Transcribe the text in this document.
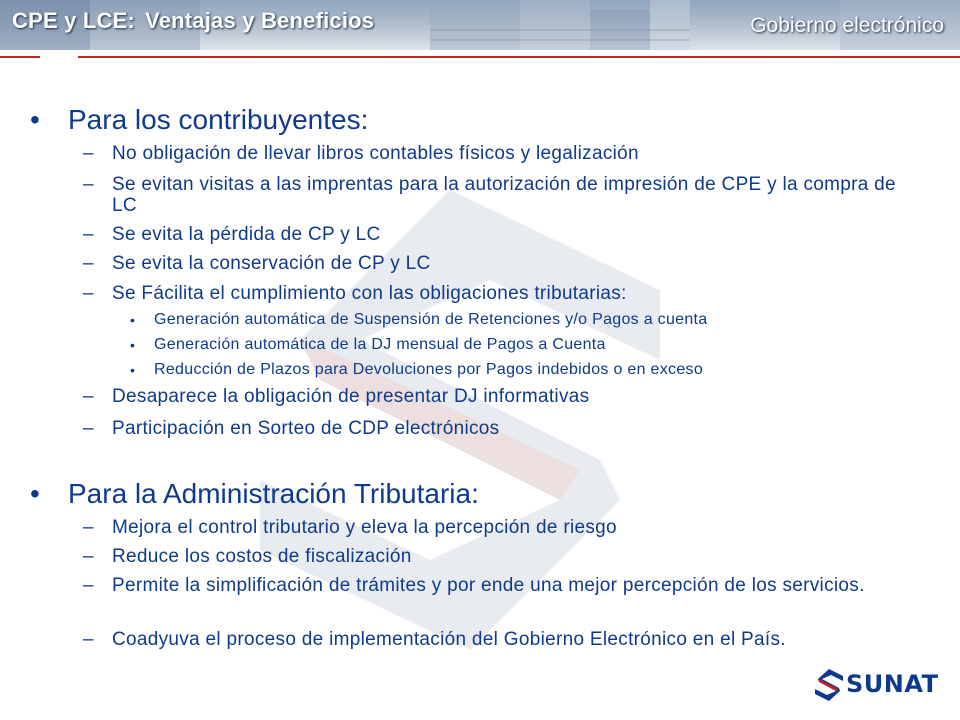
CPE y LCE: Ventajas y Beneficios	Gobierno electrónico
• Para los contribuyentes:
– No obligación de llevar libros contables físicos y legalización
– Se evitan visitas a las imprentas para la autorización de impresión de CPE y la compra de LC
– Se evita la pérdida de CP y LC
– Se evita la conservación de CP y LC
– Se Fácilita el cumplimiento con las obligaciones tributarias:
• Generación automática de Suspensión de Retenciones y/o Pagos a cuenta
• Generación automática de la DJ mensual de Pagos a Cuenta
• Reducción de Plazos para Devoluciones por Pagos indebidos o en exceso
– Desaparece la obligación de presentar DJ informativas
– Participación en Sorteo de CDP electrónicos
• Para la Administración Tributaria:
– Mejora el control tributario y eleva la percepción de riesgo
– Reduce los costos de fiscalización
– Permite la simplificación de trámites y por ende una mejor percepción de los servicios.
– Coadyuva el proceso de implementación del Gobierno Electrónico en el País.
SUNAT
